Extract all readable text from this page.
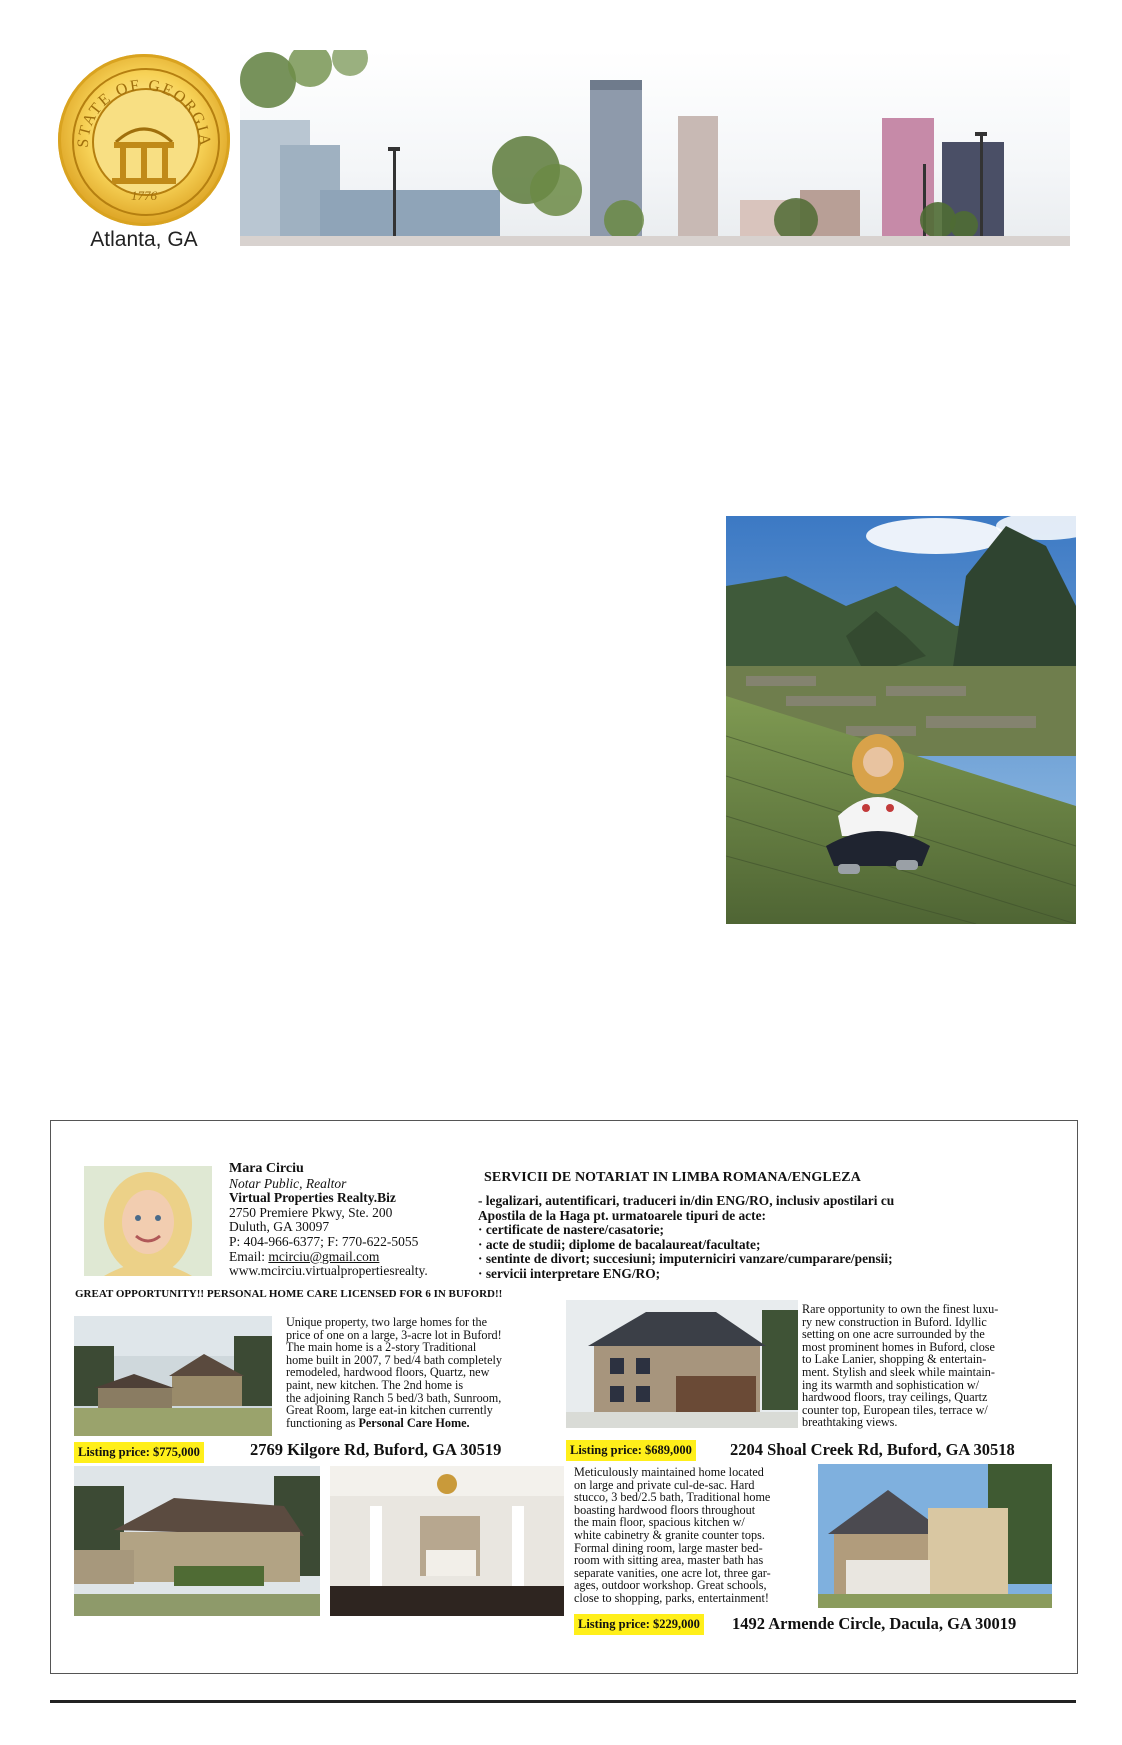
STATE OF GEORGIA
1776
Atlanta, GA
Mara Circiu
Notar Public, Realtor
Virtual Properties Realty.Biz
2750 Premiere Pkwy, Ste. 200
Duluth, GA 30097
P: 404-966-6377; F: 770-622-5055
Email: mcirciu@gmail.com
www.mcirciu.virtualpropertiesrealty.
SERVICII DE NOTARIAT IN LIMBA ROMANA/ENGLEZA
- legalizari, autentificari, traduceri in/din ENG/RO, inclusiv apostilari cu
Apostila de la Haga pt. urmatoarele tipuri de acte:
· certificate de nastere/casatorie;
· acte de studii; diplome de bacalaureat/facultate;
· sentinte de divort; succesiuni; imputerniciri vanzare/cumparare/pensii;
· servicii interpretare ENG/RO;
GREAT OPPORTUNITY!! PERSONAL HOME CARE LICENSED FOR 6 IN BUFORD!!
Unique property, two large homes for the
price of one on a large, 3-acre lot in Buford!
The main home is a 2-story Traditional
home built in 2007, 7 bed/4 bath completely
remodeled, hardwood floors, Quartz, new
paint, new kitchen. The 2nd home is
the adjoining Ranch 5 bed/3 bath, Sunroom,
Great Room, large eat-in kitchen currently
functioning as Personal Care Home.
Listing price: $775,000	2769 Kilgore Rd, Buford, GA 30519
Rare opportunity to own the finest luxu-
ry new construction in Buford. Idyllic
setting on one acre surrounded by the
most prominent homes in Buford, close
to Lake Lanier, shopping & entertain-
ment. Stylish and sleek while maintain-
ing its warmth and sophistication w/
hardwood floors, tray ceilings, Quartz
counter top, European tiles, terrace w/
breathtaking views.
Listing price: $689,000 2204 Shoal Creek Rd, Buford, GA 30518
Meticulously maintained home located
on large and private cul-de-sac. Hard
stucco, 3 bed/2.5 bath, Traditional home
boasting hardwood floors throughout
the main floor, spacious kitchen w/
white cabinetry & granite counter tops.
Formal dining room, large master bed-
room with sitting area, master bath has
separate vanities, one acre lot, three gar-
ages, outdoor workshop. Great schools,
close to shopping, parks, entertainment!
Listing price: $229,000 1492 Armende Circle, Dacula, GA 30019
